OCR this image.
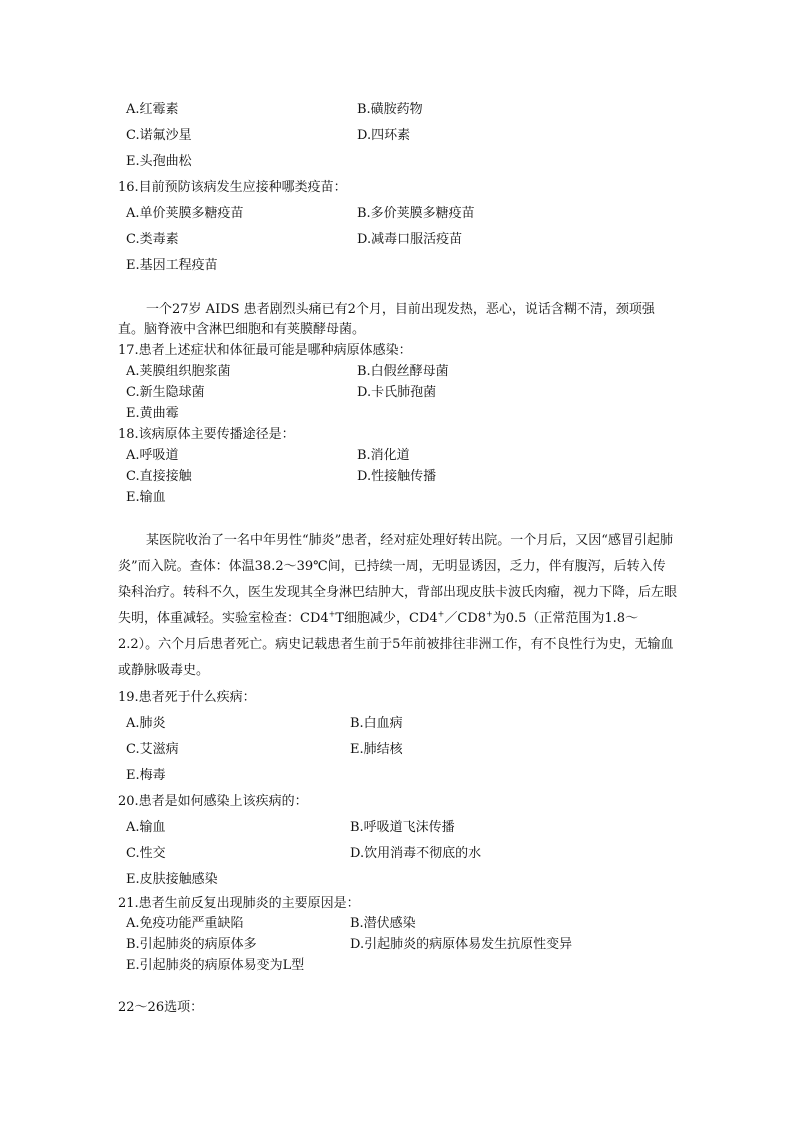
A.红霉素	B.磺胺药物
C.诺氟沙星	D.四环素
E.头孢曲松
16.目前预防该病发生应接种哪类疫苗：
A.单价荚膜多糖疫苗	B.多价荚膜多糖疫苗
C.类毒素	D.减毒口服活疫苗
E.基因工程疫苗
一个27岁 AIDS 患者剧烈头痛已有2个月，目前出现发热，恶心，说话含糊不清，颈项强直。脑脊液中含淋巴细胞和有荚膜酵母菌。
17.患者上述症状和体征最可能是哪种病原体感染：
A.荚膜组织胞浆菌	B.白假丝酵母菌
C.新生隐球菌	D.卡氏肺孢菌
E.黄曲霉
18.该病原体主要传播途径是：
A.呼吸道	B.消化道
C.直接接触	D.性接触传播
E.输血
某医院收治了一名中年男性“肺炎”患者，经对症处理好转出院。一个月后，又因“感冒引起肺炎”而入院。查体：体温38.2～39℃间，已持续一周，无明显诱因，乏力，伴有腹泻，后转入传染科治疗。转科不久，医生发现其全身淋巴结肿大，背部出现皮肤卡波氏肉瘤，视力下降，后左眼失明，体重减轻。实验室检查：CD4+T细胞减少，CD4+／CD8+为0.5（正常范围为1.8～2.2）。六个月后患者死亡。病史记载患者生前于5年前被排往非洲工作，有不良性行为史，无输血或静脉吸毒史。
19.患者死于什么疾病：
A.肺炎	B.白血病
C.艾滋病	E.肺结核
E.梅毒
20.患者是如何感染上该疾病的：
A.输血	B.呼吸道飞沫传播
C.性交	D.饮用消毒不彻底的水
E.皮肤接触感染
21.患者生前反复出现肺炎的主要原因是：
A.免疫功能严重缺陷	B.潜伏感染
B.引起肺炎的病原体多	D.引起肺炎的病原体易发生抗原性变异
E.引起肺炎的病原体易变为L型
22～26选项：
